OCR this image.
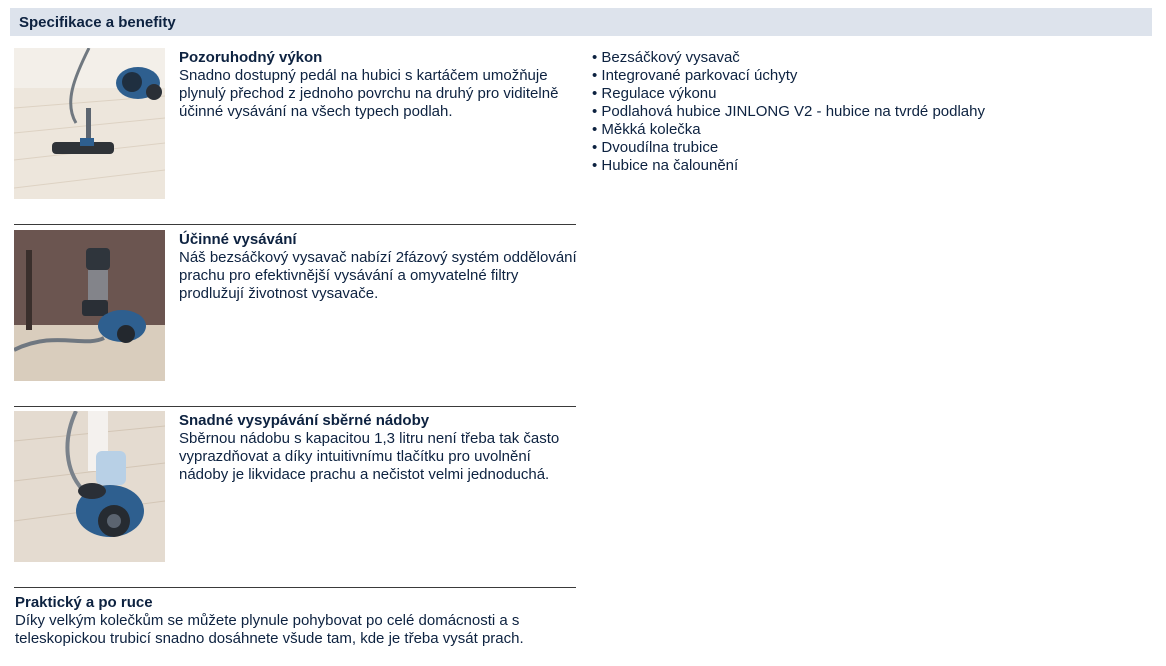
Specifikace a benefity
Pozoruhodný výkon
Snadno dostupný pedál na hubici s kartáčem umožňuje plynulý přechod z jednoho povrchu na druhý pro viditelně účinné vysávání na všech typech podlah.
Účinné vysávání
Náš bezsáčkový vysavač nabízí 2fázový systém oddělování prachu pro efektivnější vysávání a omyvatelné filtry prodlužují životnost vysavače.
Snadné vysypávání sběrné nádoby
Sběrnou nádobu s kapacitou 1,3 litru není třeba tak často vyprazdňovat a díky intuitivnímu tlačítku pro uvolnění nádoby je likvidace prachu a nečistot velmi jednoduchá.
Praktický a po ruce
Díky velkým kolečkům se můžete plynule pohybovat po celé domácnosti a s teleskopickou trubicí snadno dosáhnete všude tam, kde je třeba vysát prach.
• Bezsáčkový vysavač
• Integrované parkovací úchyty
• Regulace výkonu
• Podlahová hubice JINLONG V2 - hubice na tvrdé podlahy
• Měkká kolečka
• Dvoudílna trubice
• Hubice na čalounění
